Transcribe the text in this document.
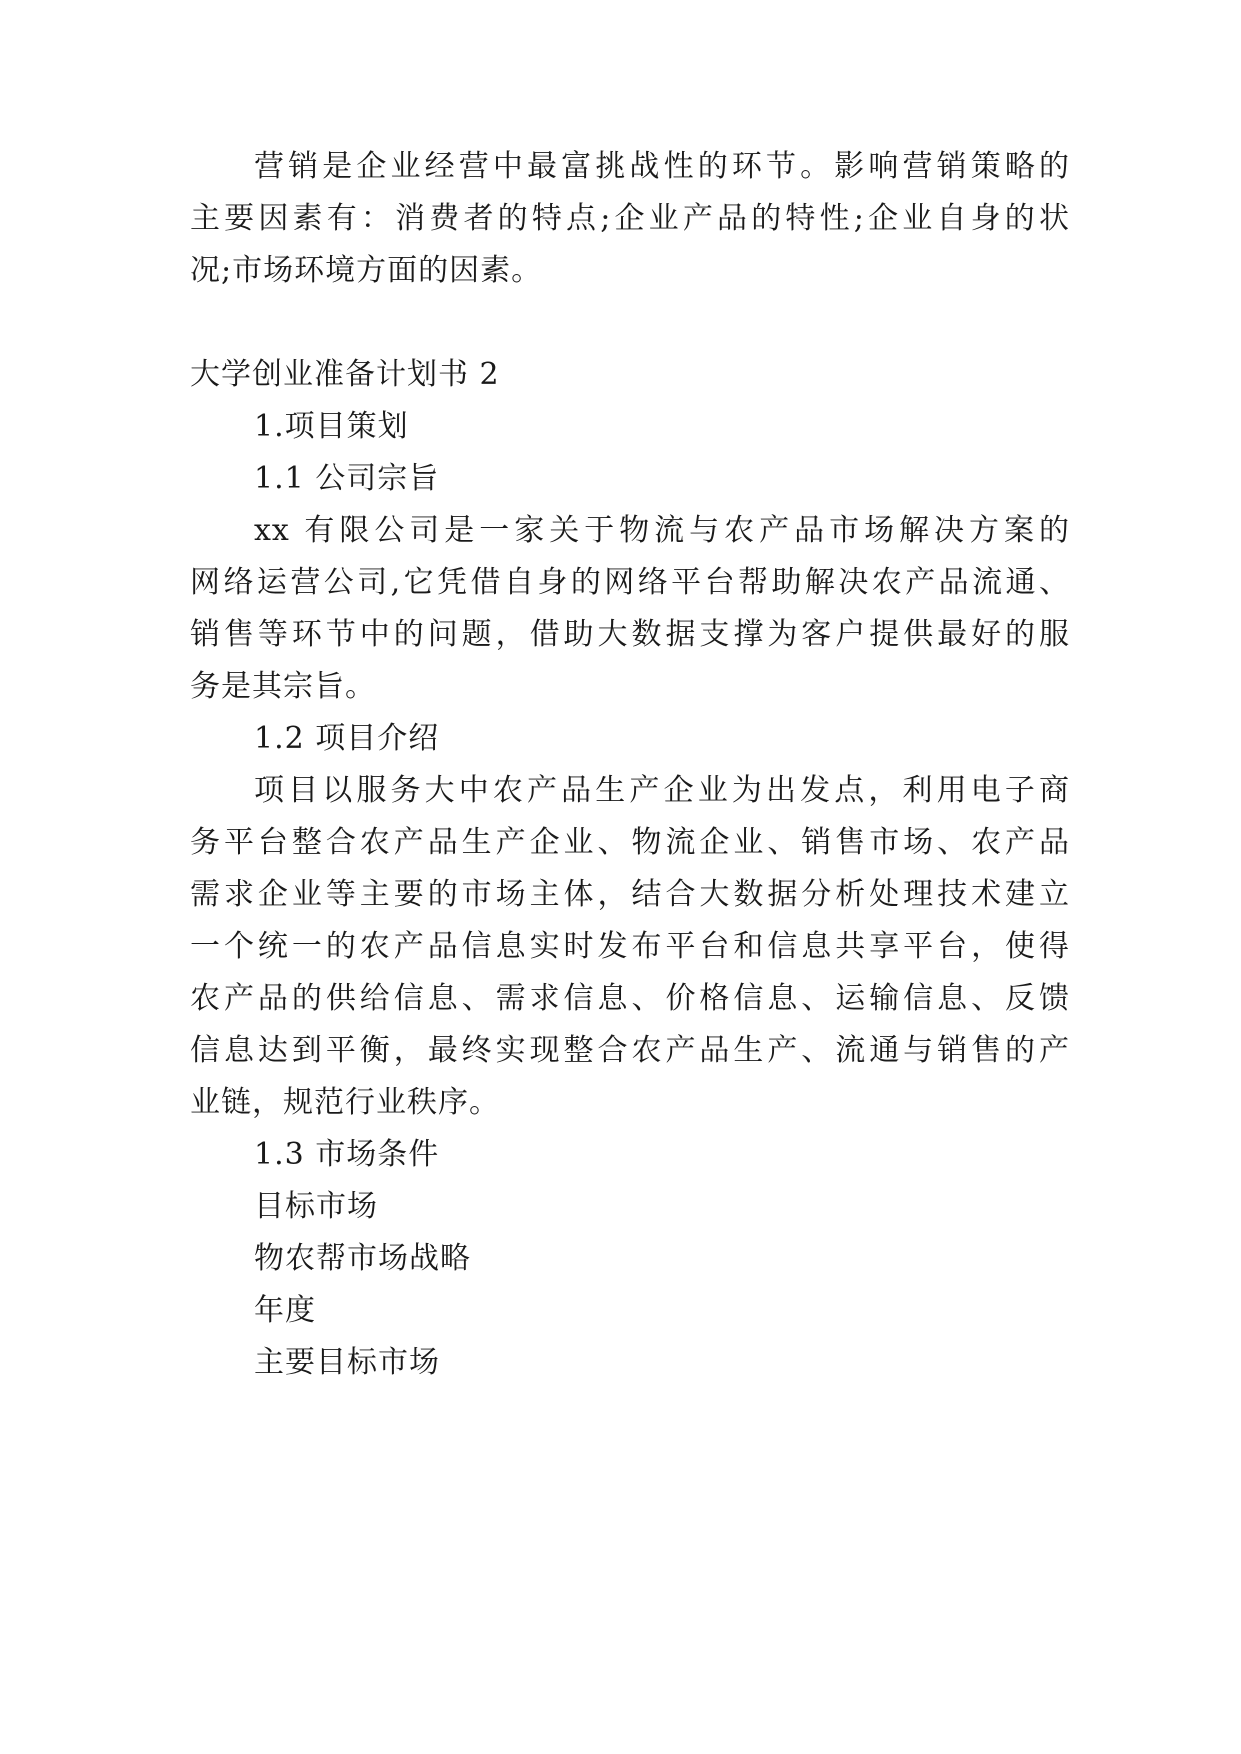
营销是企业经营中最富挑战性的环节。影响营销策略的
主要因素有：消费者的特点;企业产品的特性;企业自身的状
况;市场环境方面的因素。
大学创业准备计划书 2
1.项目策划
1.1 公司宗旨
xx 有限公司是一家关于物流与农产品市场解决方案的
网络运营公司,它凭借自身的网络平台帮助解决农产品流通、
销售等环节中的问题，借助大数据支撑为客户提供最好的服
务是其宗旨。
1.2 项目介绍
项目以服务大中农产品生产企业为出发点，利用电子商
务平台整合农产品生产企业、物流企业、销售市场、农产品
需求企业等主要的市场主体，结合大数据分析处理技术建立
一个统一的农产品信息实时发布平台和信息共享平台，使得
农产品的供给信息、需求信息、价格信息、运输信息、反馈
信息达到平衡，最终实现整合农产品生产、流通与销售的产
业链，规范行业秩序。
1.3 市场条件
目标市场
物农帮市场战略
年度
主要目标市场
